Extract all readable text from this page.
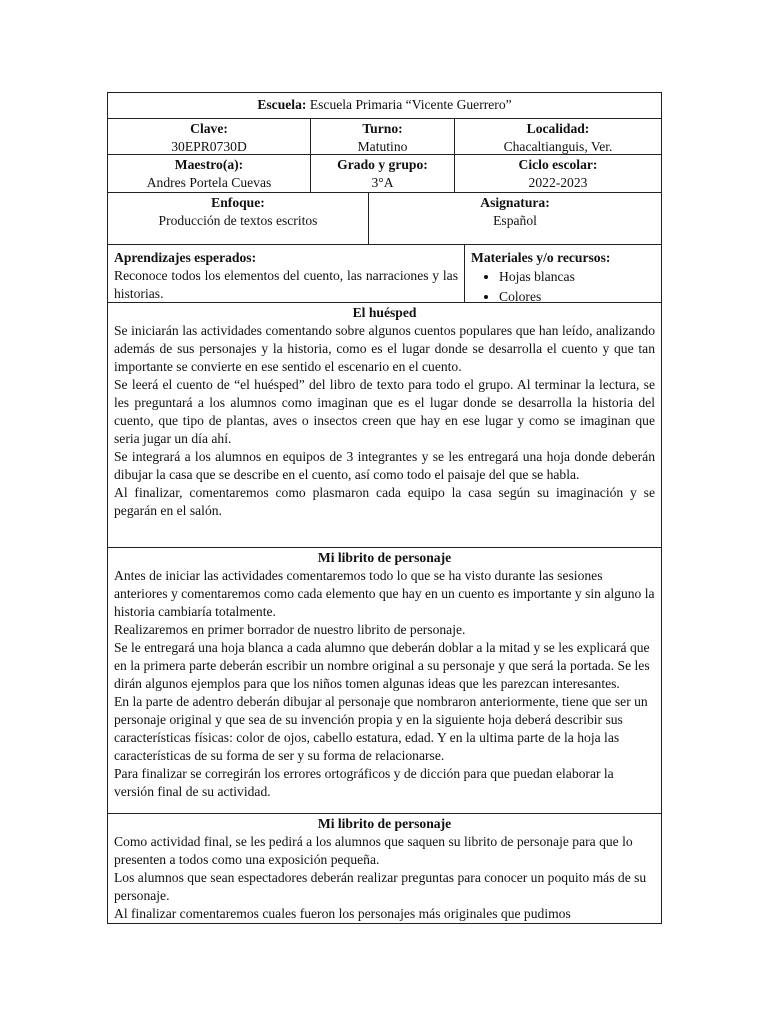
Escuela: Escuela Primaria “Vicente Guerrero”
Clave:
30EPR0730D
Turno:
Matutino
Localidad:
Chacaltianguis, Ver.
Maestro(a):
Andres Portela Cuevas
Grado y grupo:
3°A
Ciclo escolar:
2022-2023
Enfoque:
Producción de textos escritos
Asignatura:
Español
Aprendizajes esperados:
Reconoce todos los elementos del cuento, las narraciones y las historias.
Materiales y/o recursos:
• Hojas blancas
• Colores
El huésped

Se iniciarán las actividades comentando sobre algunos cuentos populares que han leído, analizando además de sus personajes y la historia, como es el lugar donde se desarrolla el cuento y que tan importante se convierte en ese sentido el escenario en el cuento.

Se leerá el cuento de “el huésped” del libro de texto para todo el grupo. Al terminar la lectura, se les preguntará a los alumnos como imaginan que es el lugar donde se desarrolla la historia del cuento, que tipo de plantas, aves o insectos creen que hay en ese lugar y como se imaginan que seria jugar un día ahí.

Se integrará a los alumnos en equipos de 3 integrantes y se les entregará una hoja donde deberán dibujar la casa que se describe en el cuento, así como todo el paisaje del que se habla.

Al finalizar, comentaremos como plasmaron cada equipo la casa según su imaginación y se pegarán en el salón.

Mi librito de personaje

Antes de iniciar las actividades comentaremos todo lo que se ha visto durante las sesiones anteriores y comentaremos como cada elemento que hay en un cuento es importante y sin alguno la historia cambiaría totalmente.

Realizaremos en primer borrador de nuestro librito de personaje.

Se le entregará una hoja blanca a cada alumno que deberán doblar a la mitad y se les explicará que en la primera parte deberán escribir un nombre original a su personaje y que será la portada. Se les dirán algunos ejemplos para que los niños tomen algunas ideas que les parezcan interesantes.

En la parte de adentro deberán dibujar al personaje que nombraron anteriormente, tiene que ser un personaje original y que sea de su invención propia y en la siguiente hoja deberá describir sus características físicas: color de ojos, cabello estatura, edad. Y en la ultima parte de la hoja las características de su forma de ser y su forma de relacionarse.

Para finalizar se corregirán los errores ortográficos y de dicción para que puedan elaborar la versión final de su actividad.

Mi librito de personaje

Como actividad final, se les pedirá a los alumnos que saquen su librito de personaje para que lo presenten a todos como una exposición pequeña.

Los alumnos que sean espectadores deberán realizar preguntas para conocer un poquito más de su personaje.

Al finalizar comentaremos cuales fueron los personajes más originales que pudimos
